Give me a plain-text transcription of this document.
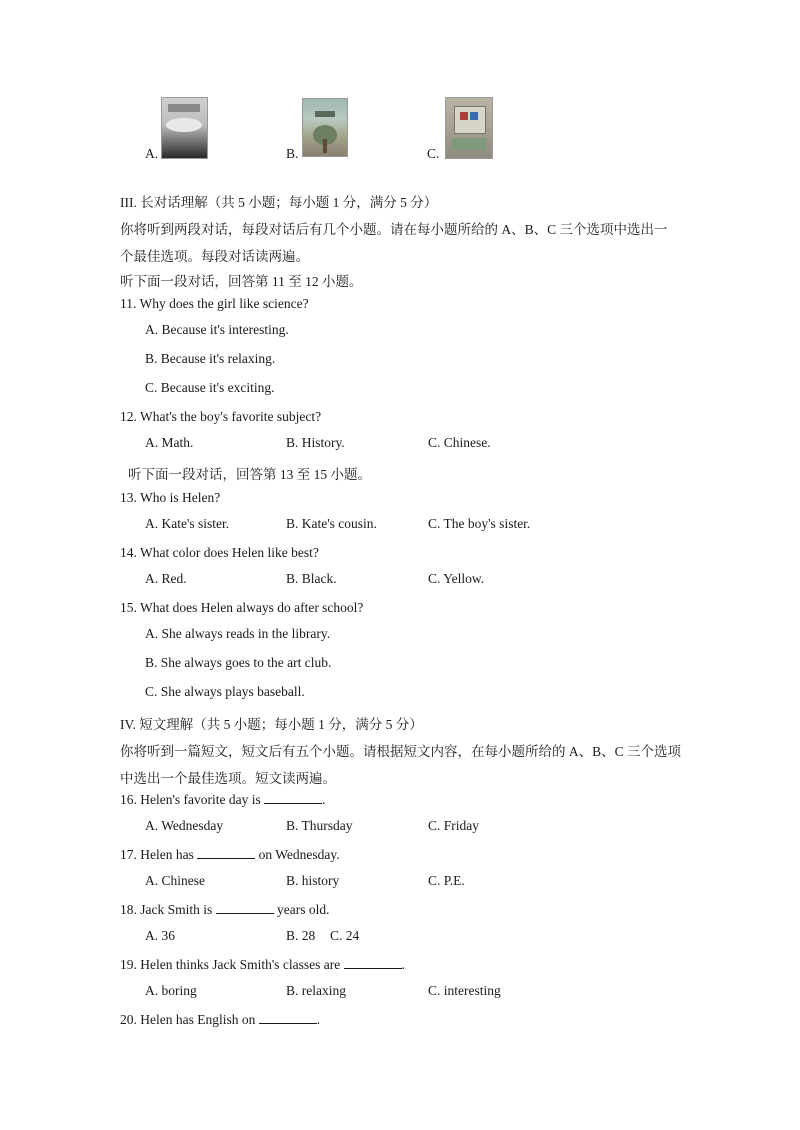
A.	B.	C.
III. 长对话理解（共 5 小题；每小题 1 分，满分 5 分）
你将听到两段对话，每段对话后有几个小题。请在每小题所给的 A、B、C 三个选项中选出一
个最佳选项。每段对话读两遍。
听下面一段对话，回答第 11 至 12 小题。
11. Why does the girl like science?
A. Because it's interesting.
B. Because it's relaxing.
C. Because it's exciting.
12. What's the boy's favorite subject?
A. Math.	B. History.	C. Chinese.
听下面一段对话，回答第 13 至 15 小题。
13. Who is Helen?
A. Kate's sister.	B. Kate's cousin.	C. The boy's sister.
14. What color does Helen like best?
A. Red.	B. Black.	C. Yellow.
15. What does Helen always do after school?
A. She always reads in the library.
B. She always goes to the art club.
C. She always plays baseball.
IV. 短文理解（共 5 小题；每小题 1 分，满分 5 分）
你将听到一篇短文，短文后有五个小题。请根据短文内容，在每小题所给的 A、B、C 三个选项
中选出一个最佳选项。短文读两遍。
16. Helen's favorite day is	.
A. Wednesday	B. Thursday	C. Friday
17. Helen has	on Wednesday.
A. Chinese	B. history	C. P.E.
18. Jack Smith is	years old.
A. 36	B. 28 C. 24
19. Helen thinks Jack Smith's classes are	.
A. boring	B. relaxing	C. interesting
20. Helen has English on	.
